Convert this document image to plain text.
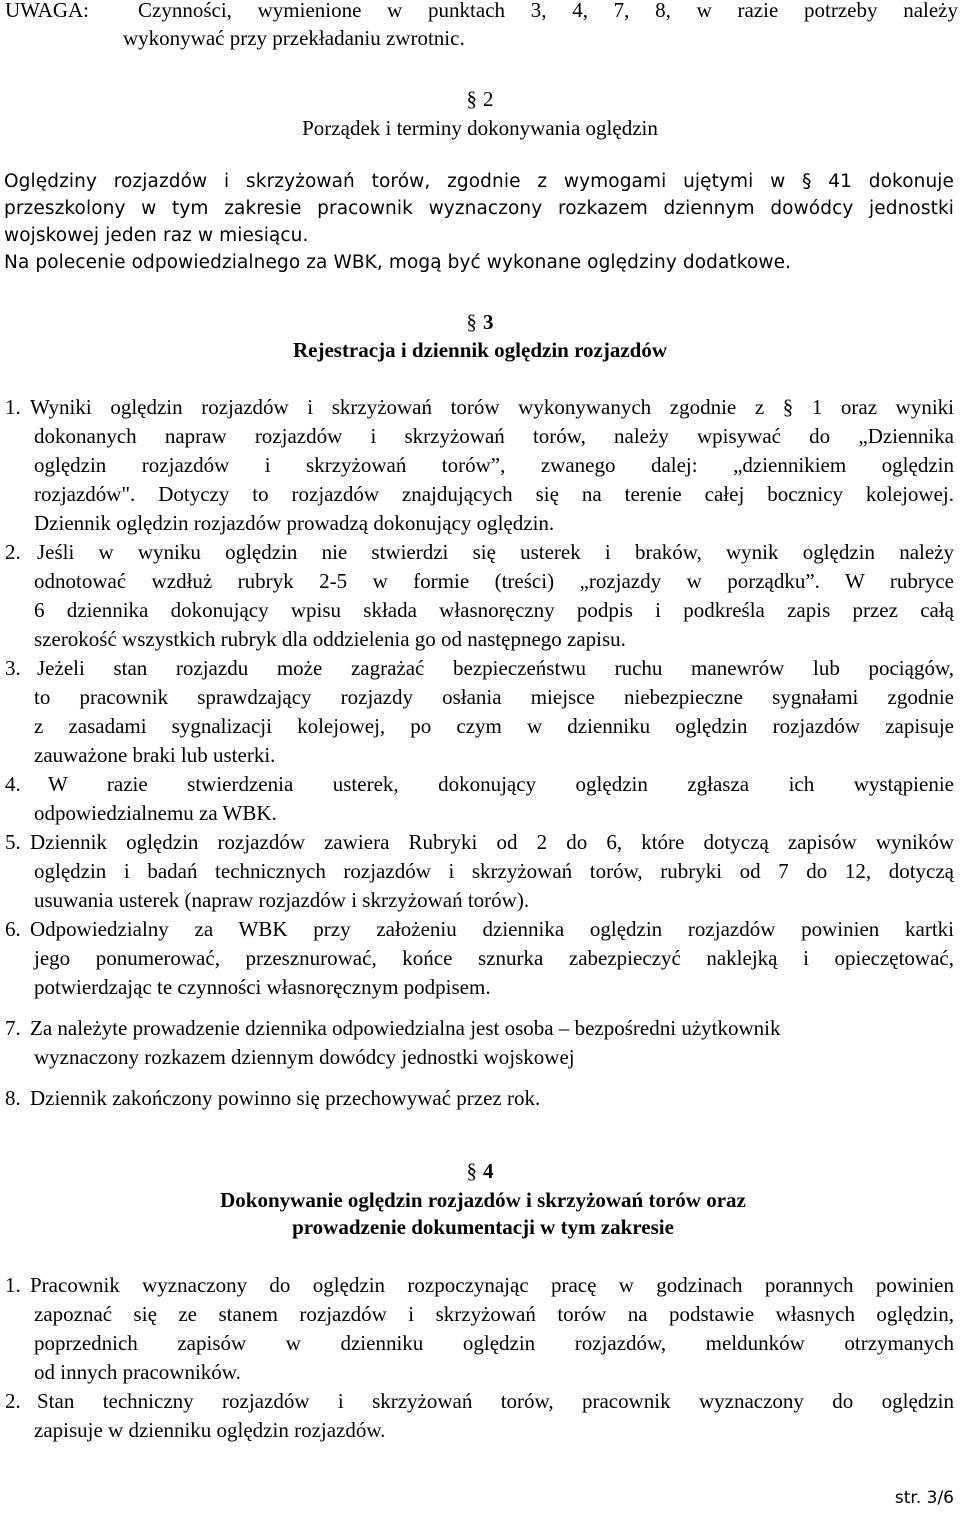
UWAGA: Czynności, wymienione w punktach 3, 4, 7, 8, w razie potrzeby należy
wykonywać przy przekładaniu zwrotnic.
§ 2
Porządek i terminy dokonywania oględzin
Oględziny rozjazdów i skrzyżowań torów, zgodnie z wymogami ujętymi w § 41 dokonuje
przeszkolony w tym zakresie pracownik wyznaczony rozkazem dziennym dowódcy jednostki
wojskowej jeden raz w miesiącu.
Na polecenie odpowiedzialnego za WBK, mogą być wykonane oględziny dodatkowe.
§ 3
Rejestracja i dziennik oględzin rozjazdów
1. Wyniki oględzin rozjazdów i skrzyżowań torów wykonywanych zgodnie z § 1 oraz wyniki
dokonanych napraw rozjazdów i skrzyżowań torów, należy wpisywać do „Dziennika
oględzin rozjazdów i skrzyżowań torów”, zwanego dalej: „dziennikiem oględzin
rozjazdów". Dotyczy to rozjazdów znajdujących się na terenie całej bocznicy kolejowej.
Dziennik oględzin rozjazdów prowadzą dokonujący oględzin.
2. Jeśli w wyniku oględzin nie stwierdzi się usterek i braków, wynik oględzin należy
odnotować wzdłuż rubryk 2-5 w formie (treści) „rozjazdy w porządku”. W rubryce
6 dziennika dokonujący wpisu składa własnoręczny podpis i podkreśla zapis przez całą
szerokość wszystkich rubryk dla oddzielenia go od następnego zapisu.
3. Jeżeli stan rozjazdu może zagrażać bezpieczeństwu ruchu manewrów lub pociągów,
to pracownik sprawdzający rozjazdy osłania miejsce niebezpieczne sygnałami zgodnie
z zasadami sygnalizacji kolejowej, po czym w dzienniku oględzin rozjazdów zapisuje
zauważone braki lub usterki.
4. W razie stwierdzenia usterek, dokonujący oględzin zgłasza ich wystąpienie
odpowiedzialnemu za WBK.
5. Dziennik oględzin rozjazdów zawiera Rubryki od 2 do 6, które dotyczą zapisów wyników
oględzin i badań technicznych rozjazdów i skrzyżowań torów, rubryki od 7 do 12, dotyczą
usuwania usterek (napraw rozjazdów i skrzyżowań torów).
6. Odpowiedzialny za WBK przy założeniu dziennika oględzin rozjazdów powinien kartki
jego ponumerować, przesznurować, końce sznurka zabezpieczyć naklejką i opieczętować,
potwierdzając te czynności własnoręcznym podpisem.
7. Za należyte prowadzenie dziennika odpowiedzialna jest osoba – bezpośredni użytkownik
wyznaczony rozkazem dziennym dowódcy jednostki wojskowej
8. Dziennik zakończony powinno się przechowywać przez rok.
§ 4
Dokonywanie oględzin rozjazdów i skrzyżowań torów oraz
prowadzenie dokumentacji w tym zakresie
1. Pracownik wyznaczony do oględzin rozpoczynając pracę w godzinach porannych powinien
zapoznać się ze stanem rozjazdów i skrzyżowań torów na podstawie własnych oględzin,
poprzednich zapisów w dzienniku oględzin rozjazdów, meldunków otrzymanych
od innych pracowników.
2. Stan techniczny rozjazdów i skrzyżowań torów, pracownik wyznaczony do oględzin
zapisuje w dzienniku oględzin rozjazdów.
str. 3/6
